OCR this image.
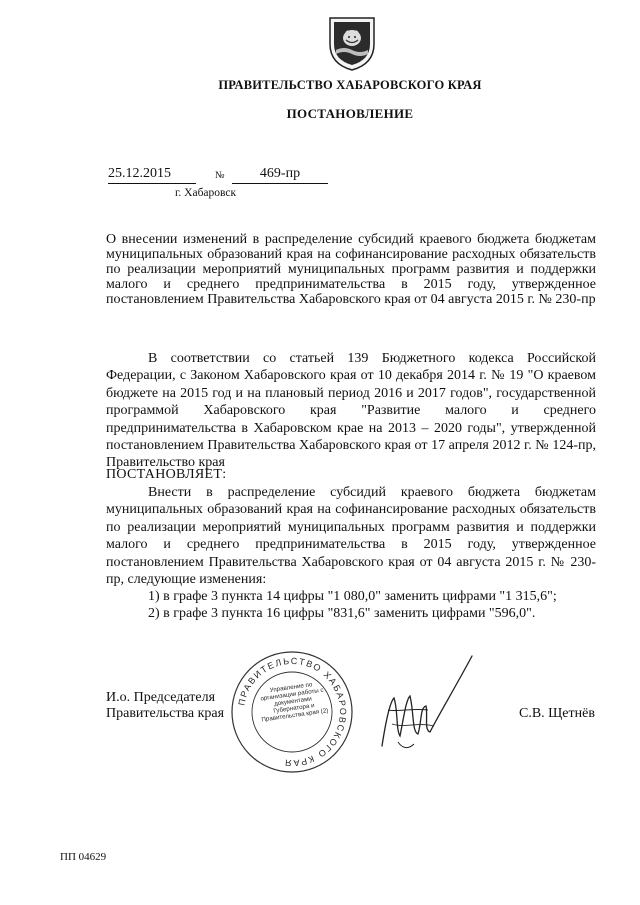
ПРАВИТЕЛЬСТВО ХАБАРОВСКОГО КРАЯ
ПОСТАНОВЛЕНИЕ
25.12.2015	№	469-пр
г. Хабаровск
О внесении изменений в распределение субсидий краевого бюджета бюджетам муниципальных образований края на софинансирование расходных обязательств по реализации мероприятий муниципальных программ развития и поддержки малого и среднего предпринимательства в 2015 году, утвержденное постановлением Правительства Хабаровского края от 04 августа 2015 г. № 230-пр
В соответствии со статьей 139 Бюджетного кодекса Российской Федерации, с Законом Хабаровского края от 10 декабря 2014 г. № 19 "О краевом бюджете на 2015 год и на плановый период 2016 и 2017 годов", государственной программой Хабаровского края "Развитие малого и среднего предпринимательства в Хабаровском крае на 2013 – 2020 годы", утвержденной постановлением Правительства Хабаровского края от 17 апреля 2012 г. № 124-пр, Правительство края
ПОСТАНОВЛЯЕТ:
Внести в распределение субсидий краевого бюджета бюджетам муниципальных образований края на софинансирование расходных обязательств по реализации мероприятий муниципальных программ развития и поддержки малого и среднего предпринимательства в 2015 году, утвержденное постановлением Правительства Хабаровского края от 04 августа 2015 г. № 230-пр, следующие изменения:
1) в графе 3 пункта 14 цифры "1 080,0" заменить цифрами "1 315,6";
2) в графе 3 пункта 16 цифры "831,6" заменить цифрами "596,0".
И.о. Председателя
Правительства края
ПРАВИТЕЛЬСТВО ХАБАРОВСКОГО КРАЯ
Управление по организации работы с документами Губернатора и Правительства края (2)	С.В. Щетнёв
ПП 04629
